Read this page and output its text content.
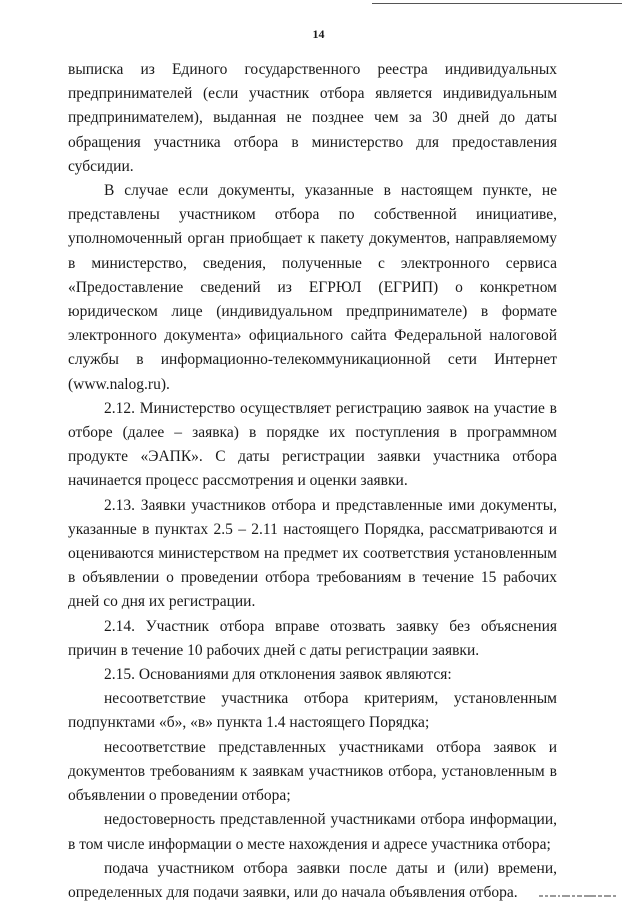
14

выписка из Единого государственного реестра индивидуальных предпринимателей (если участник отбора является индивидуальным предпринимателем), выданная не позднее чем за 30 дней до даты обращения участника отбора в министерство для предоставления субсидии.

В случае если документы, указанные в настоящем пункте, не представлены участником отбора по собственной инициативе, уполномоченный орган приобщает к пакету документов, направляемому в министерство, сведения, полученные с электронного сервиса «Предоставление сведений из ЕГРЮЛ (ЕГРИП) о конкретном юридическом лице (индивидуальном предпринимателе) в формате электронного документа» официального сайта Федеральной налоговой службы в информационно-телекоммуникационной сети Интернет (www.nalog.ru).

2.12. Министерство осуществляет регистрацию заявок на участие в отборе (далее – заявка) в порядке их поступления в программном продукте «ЭАПК». С даты регистрации заявки участника отбора начинается процесс рассмотрения и оценки заявки.

2.13. Заявки участников отбора и представленные ими документы, указанные в пунктах 2.5 – 2.11 настоящего Порядка, рассматриваются и оцениваются министерством на предмет их соответствия установленным в объявлении о проведении отбора требованиям в течение 15 рабочих дней со дня их регистрации.

2.14. Участник отбора вправе отозвать заявку без объяснения причин в течение 10 рабочих дней с даты регистрации заявки.

2.15. Основаниями для отклонения заявок являются:

несоответствие участника отбора критериям, установленным подпунктами «б», «в» пункта 1.4 настоящего Порядка;

несоответствие представленных участниками отбора заявок и документов требованиям к заявкам участников отбора, установленным в объявлении о проведении отбора;

недостоверность представленной участниками отбора информации, в том числе информации о месте нахождения и адресе участника отбора;

подача участником отбора заявки после даты и (или) времени, определенных для подачи заявки, или до начала объявления отбора.
